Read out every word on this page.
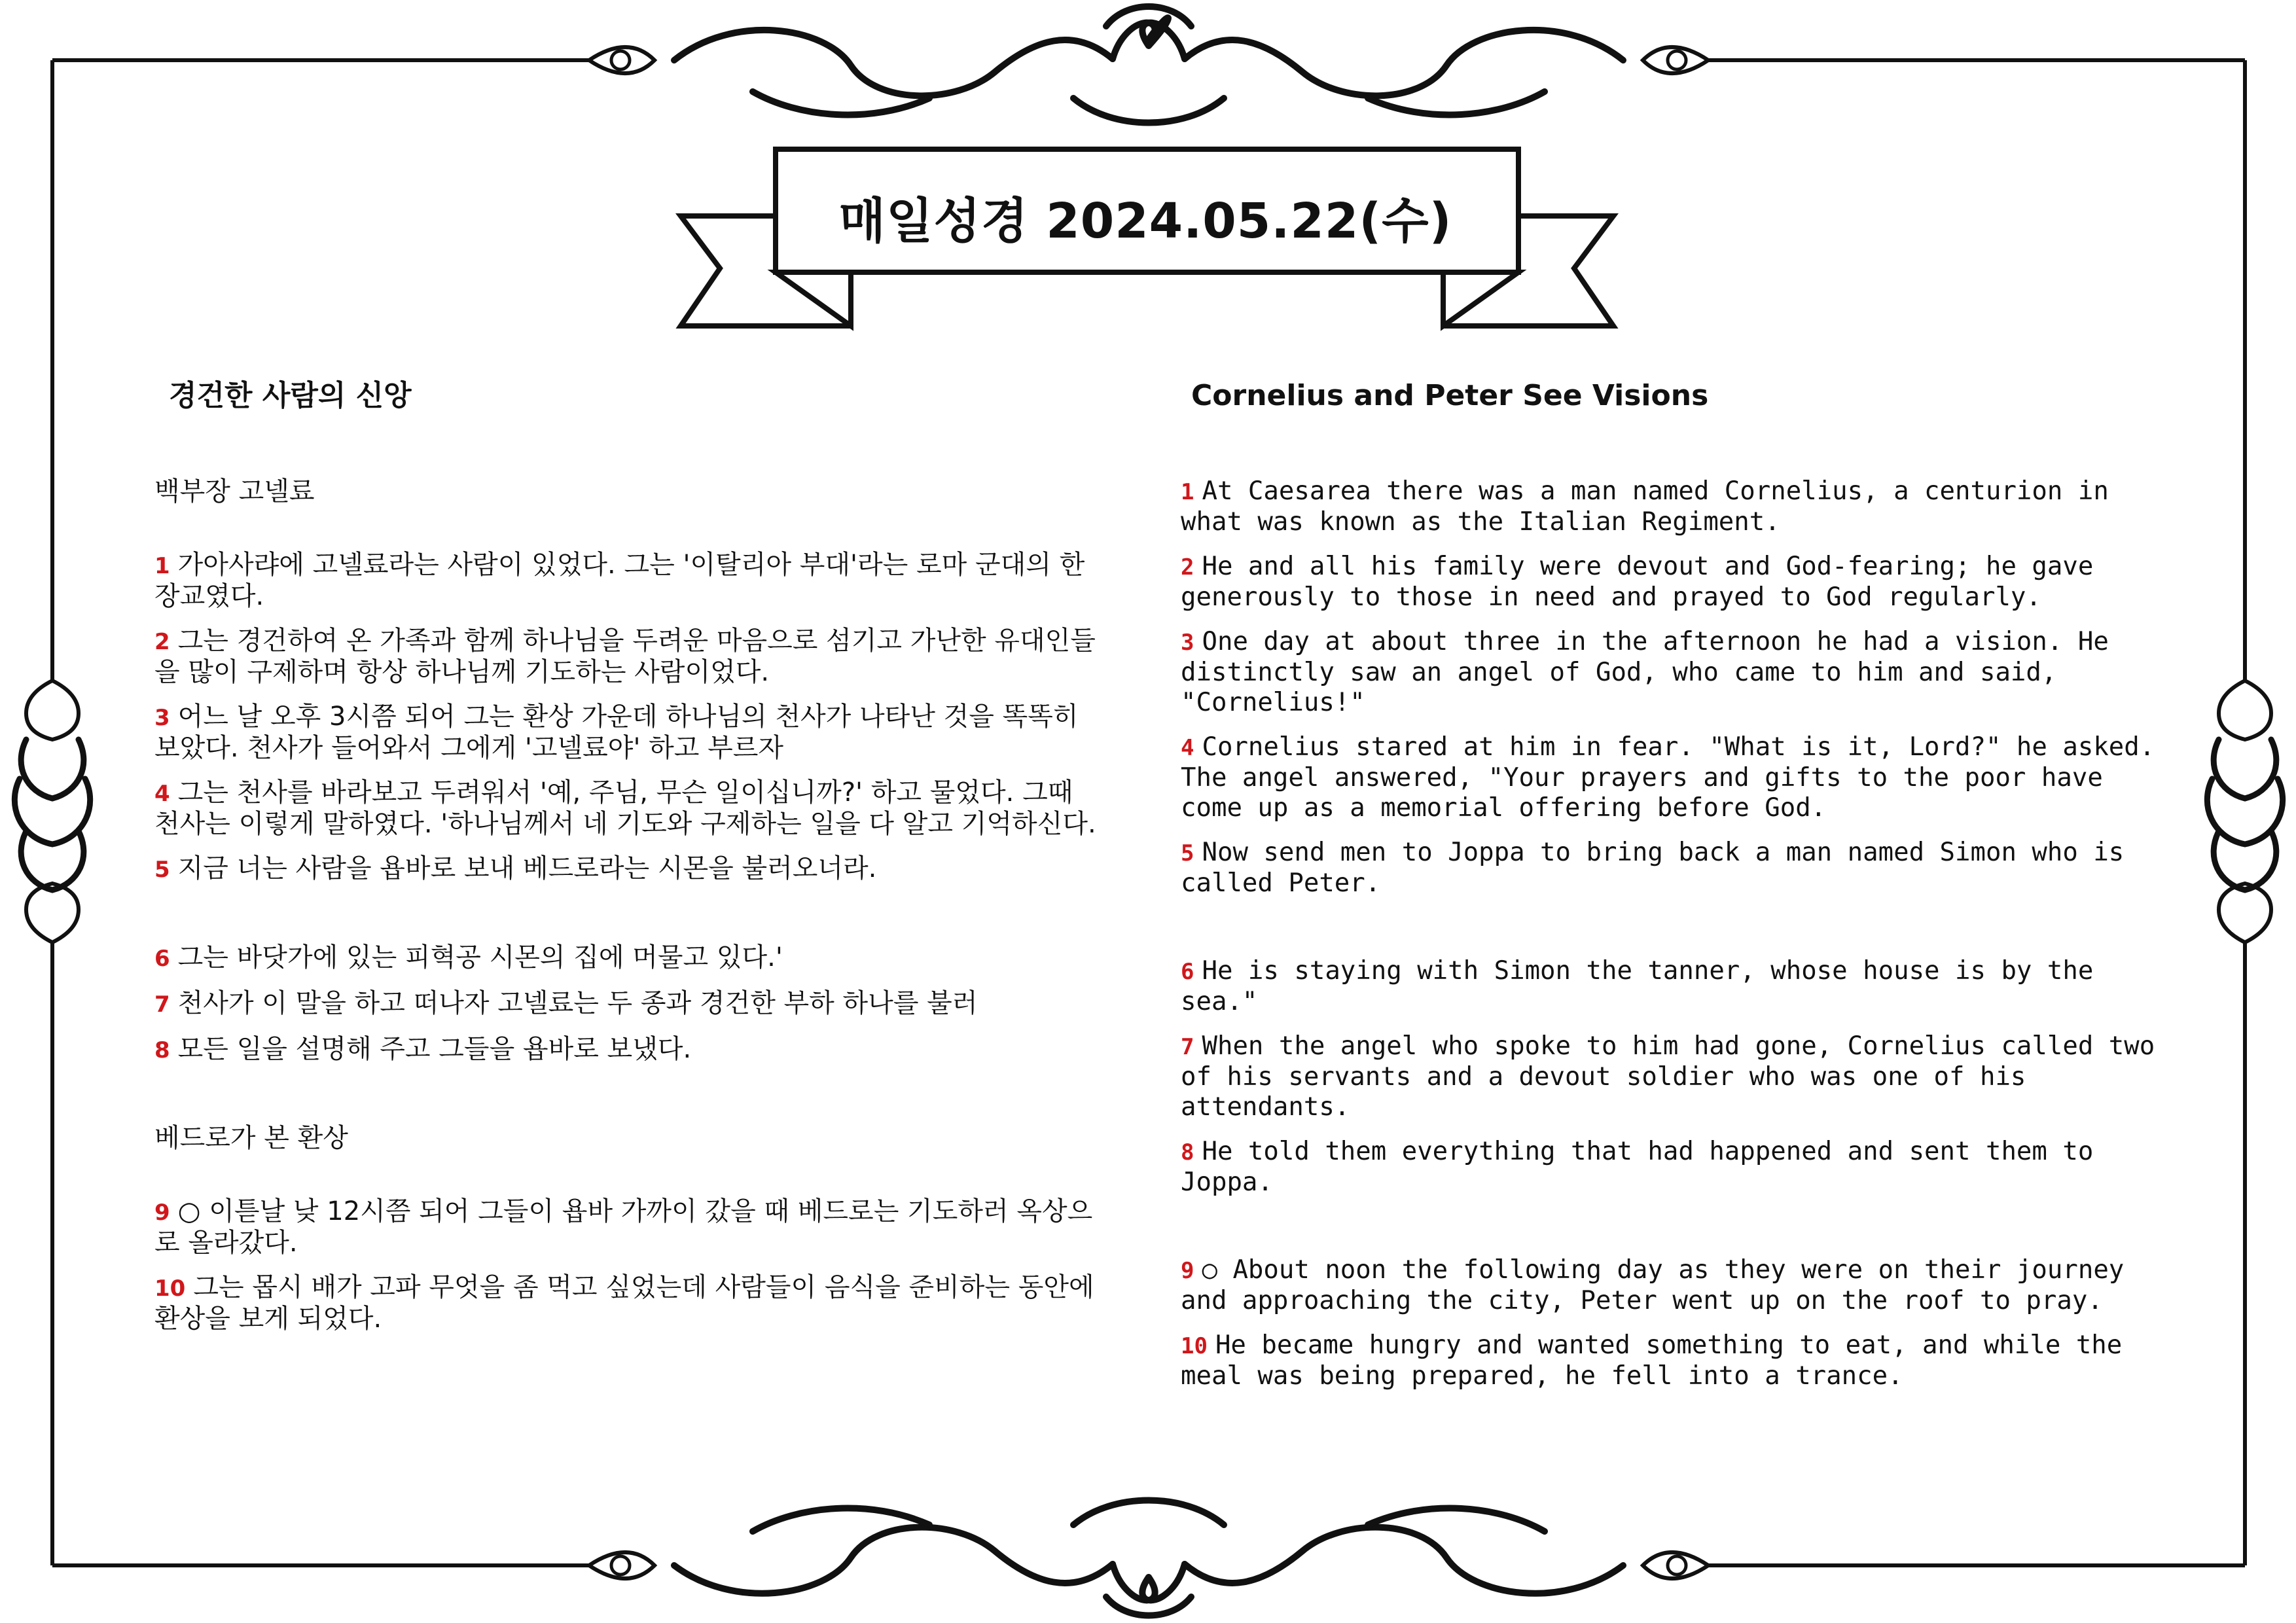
매일성경 2024.05.22(수)
경건한 사람의 신앙
백부장 고넬료
1 가아사랴에 고넬료라는 사람이 있었다. 그는 '이탈리아 부대'라는 로마 군대의 한 장교였다.
2 그는 경건하여 온 가족과 함께 하나님을 두려운 마음으로 섬기고 가난한 유대인들을 많이 구제하며 항상 하나님께 기도하는 사람이었다.
3 어느 날 오후 3시쯤 되어 그는 환상 가운데 하나님의 천사가 나타난 것을 똑똑히 보았다. 천사가 들어와서 그에게 '고넬료야' 하고 부르자
4 그는 천사를 바라보고 두려워서 '예, 주님, 무슨 일이십니까?' 하고 물었다. 그때 천사는 이렇게 말하였다. '하나님께서 네 기도와 구제하는 일을 다 알고 기억하신다.
5 지금 너는 사람을 욥바로 보내 베드로라는 시몬을 불러오너라.
6 그는 바닷가에 있는 피혁공 시몬의 집에 머물고 있다.'
7 천사가 이 말을 하고 떠나자 고넬료는 두 종과 경건한 부하 하나를 불러
8 모든 일을 설명해 주고 그들을 욥바로 보냈다.
베드로가 본 환상
9 ○ 이튿날 낮 12시쯤 되어 그들이 욥바 가까이 갔을 때 베드로는 기도하러 옥상으로 올라갔다.
10 그는 몹시 배가 고파 무엇을 좀 먹고 싶었는데 사람들이 음식을 준비하는 동안에 환상을 보게 되었다.
Cornelius and Peter See Visions
1 At Caesarea there was a man named Cornelius, a centurion in what was known as the Italian Regiment.
2 He and all his family were devout and God-fearing; he gave generously to those in need and prayed to God regularly.
3 One day at about three in the afternoon he had a vision. He distinctly saw an angel of God, who came to him and said, "Cornelius!"
4 Cornelius stared at him in fear. "What is it, Lord?" he asked. The angel answered, "Your prayers and gifts to the poor have come up as a memorial offering before God.
5 Now send men to Joppa to bring back a man named Simon who is called Peter.
6 He is staying with Simon the tanner, whose house is by the sea."
7 When the angel who spoke to him had gone, Cornelius called two of his servants and a devout soldier who was one of his attendants.
8 He told them everything that had happened and sent them to Joppa.
9 ○ About noon the following day as they were on their journey and approaching the city, Peter went up on the roof to pray.
10 He became hungry and wanted something to eat, and while the meal was being prepared, he fell into a trance.
